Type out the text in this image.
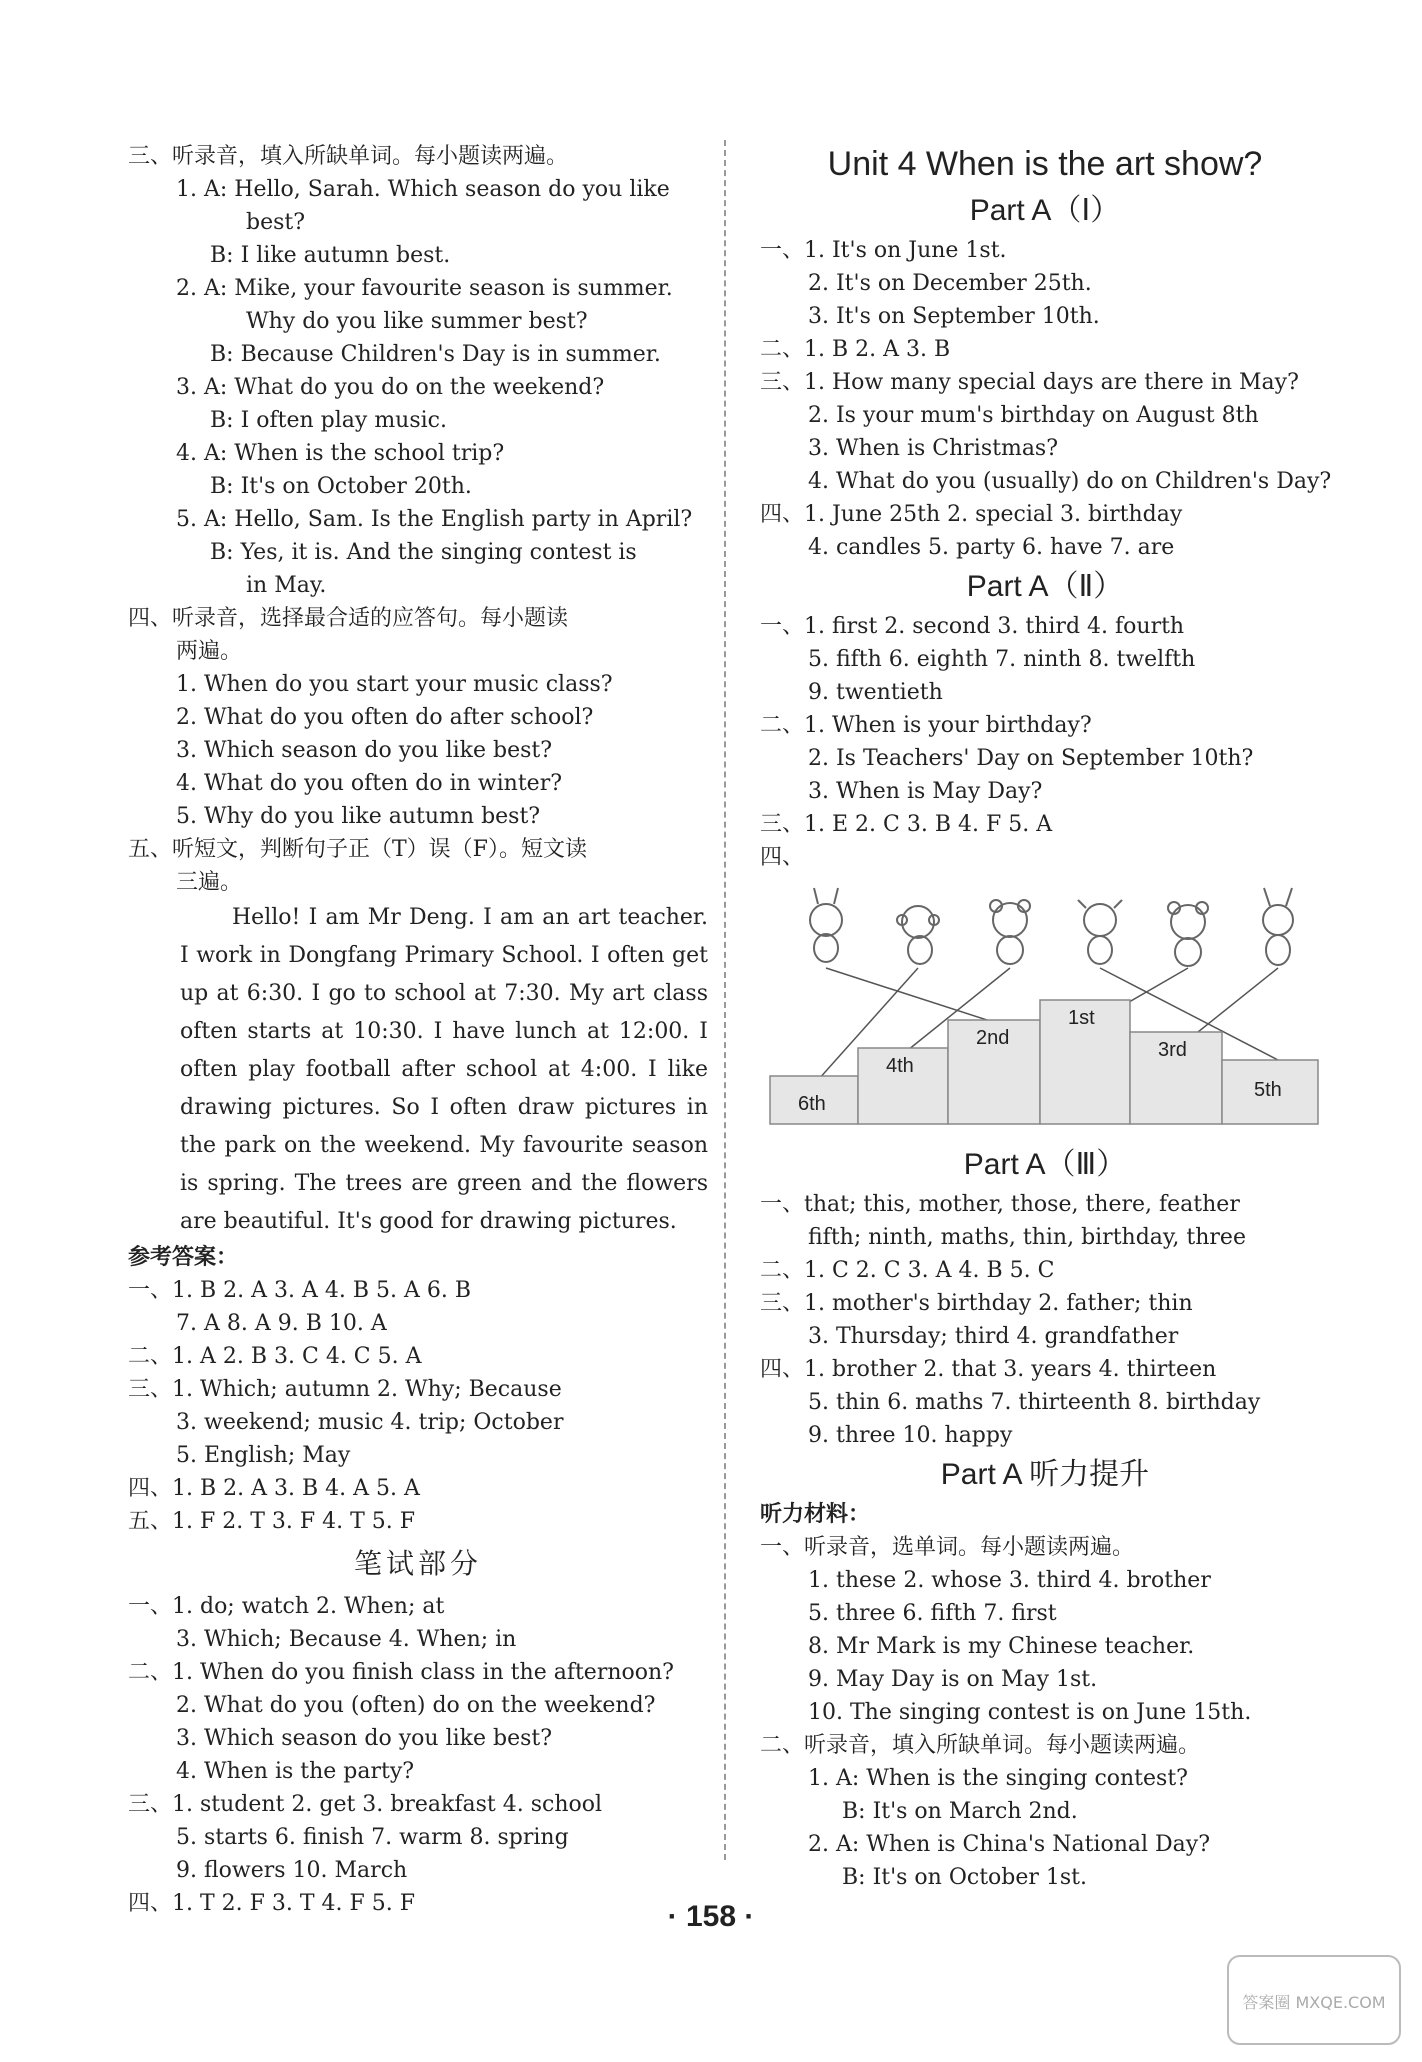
三、听录音，填入所缺单词。每小题读两遍。
1. A: Hello, Sarah. Which season do you like
best?
B: I like autumn best.
2. A: Mike, your favourite season is summer.
Why do you like summer best?
B: Because Children's Day is in summer.
3. A: What do you do on the weekend?
B: I often play music.
4. A: When is the school trip?
B: It's on October 20th.
5. A: Hello, Sam. Is the English party in April?
B: Yes, it is. And the singing contest is
in May.
四、听录音，选择最合适的应答句。每小题读
两遍。
1. When do you start your music class?
2. What do you often do after school?
3. Which season do you like best?
4. What do you often do in winter?
5. Why do you like autumn best?
五、听短文，判断句子正（T）误（F）。短文读
三遍。
Hello! I am Mr Deng. I am an art teacher. I work in Dongfang Primary School. I often get up at 6:30. I go to school at 7:30. My art class often starts at 10:30. I have lunch at 12:00. I often play football after school at 4:00. I like drawing pictures. So I often draw pictures in the park on the weekend. My favourite season is spring. The trees are green and the flowers are beautiful. It's good for drawing pictures.
参考答案：
一、1. B 2. A 3. A 4. B 5. A 6. B
7. A 8. A 9. B 10. A
二、1. A 2. B 3. C 4. C 5. A
三、1. Which; autumn 2. Why; Because
3. weekend; music 4. trip; October
5. English; May
四、1. B 2. A 3. B 4. A 5. A
五、1. F 2. T 3. F 4. T 5. F
笔试部分
一、1. do; watch 2. When; at
3. Which; Because 4. When; in
二、1. When do you finish class in the afternoon?
2. What do you (often) do on the weekend?
3. Which season do you like best?
4. When is the party?
三、1. student 2. get 3. breakfast 4. school
5. starts 6. finish 7. warm 8. spring
9. flowers 10. March
四、1. T 2. F 3. T 4. F 5. F
Unit 4 When is the art show?
Part A（Ⅰ）
一、1. It's on June 1st.
2. It's on December 25th.
3. It's on September 10th.
二、1. B 2. A 3. B
三、1. How many special days are there in May?
2. Is your mum's birthday on August 8th
3. When is Christmas?
4. What do you (usually) do on Children's Day?
四、1. June 25th 2. special 3. birthday
4. candles 5. party 6. have 7. are
Part A（Ⅱ）
一、1. first 2. second 3. third 4. fourth
5. fifth 6. eighth 7. ninth 8. twelfth
9. twentieth
二、1. When is your birthday?
2. Is Teachers' Day on September 10th?
3. When is May Day?
三、1. E 2. C 3. B 4. F 5. A
四、
6th
4th
2nd
1st
3rd
5th
Part A（Ⅲ）
一、that; this, mother, those, there, feather
fifth; ninth, maths, thin, birthday, three
二、1. C 2. C 3. A 4. B 5. C
三、1. mother's birthday 2. father; thin
3. Thursday; third 4. grandfather
四、1. brother 2. that 3. years 4. thirteen
5. thin 6. maths 7. thirteenth 8. birthday
9. three 10. happy
Part A 听力提升
听力材料：
一、听录音，选单词。每小题读两遍。
1. these 2. whose 3. third 4. brother
5. three 6. fifth 7. first
8. Mr Mark is my Chinese teacher.
9. May Day is on May 1st.
10. The singing contest is on June 15th.
二、听录音，填入所缺单词。每小题读两遍。
1. A: When is the singing contest?
B: It's on March 2nd.
2. A: When is China's National Day?
B: It's on October 1st.
· 158 ·
答案圈 MXQE.COM
